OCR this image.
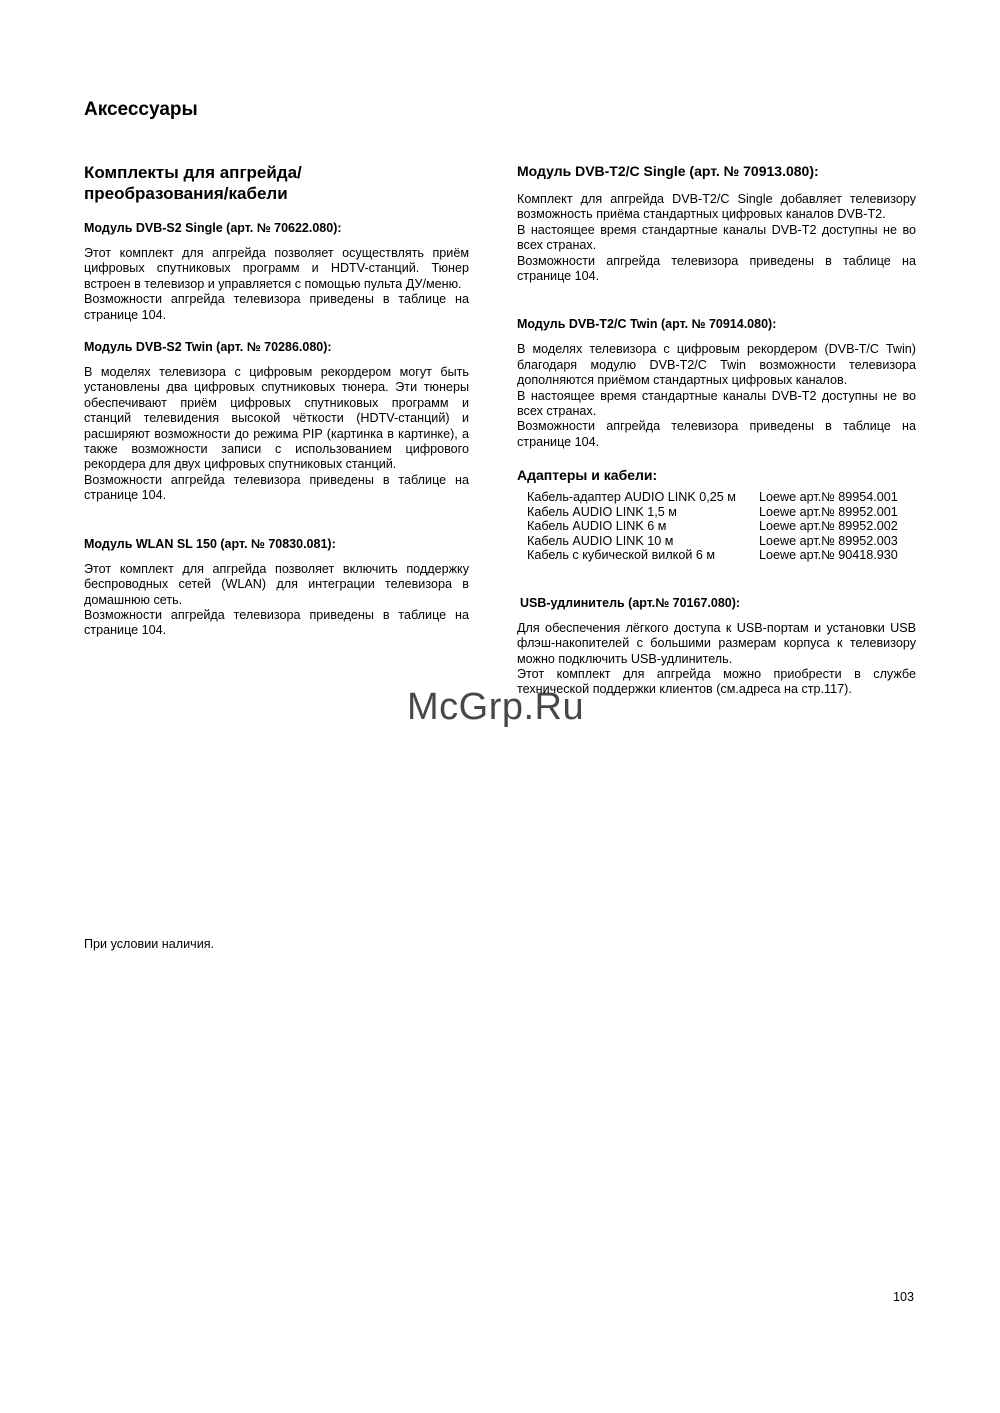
Аксессуары
Комплекты для апгрейда/
преобразования/кабели
Модуль DVB-S2 Single (арт. № 70622.080):

Этот комплект для апгрейда позволяет осуществлять приём цифровых спутниковых программ и HDTV-станций. Тюнер встроен в телевизор и управляется с помощью пульта ДУ/меню.
Возможности апгрейда телевизора приведены в таблице на странице 104.

Модуль DVB-S2 Twin (арт. № 70286.080):

В моделях телевизора с цифровым рекордером могут быть установлены два цифровых спутниковых тюнера. Эти тюнеры обеспечивают приём цифровых спутниковых программ и станций телевидения высокой чёткости (HDTV-станций) и расширяют возможности до режима PIP (картинка в картинке), а также возможности записи с использованием цифрового рекордера для двух цифровых спутниковых станций.
Возможности апгрейда телевизора приведены в таблице на странице 104.

Модуль WLAN SL 150 (арт. № 70830.081):

Этот комплект для апгрейда позволяет включить поддержку беспроводных сетей (WLAN) для интеграции телевизора в домашнюю сеть.
Возможности апгрейда телевизора приведены в таблице на странице 104.

Модуль DVB-T2/C Single (арт. № 70913.080):

Комплект для апгрейда DVB-T2/C Single добавляет телевизору возможность приёма стандартных цифровых каналов DVB-T2.
В настоящее время стандартные каналы DVB-T2 доступны не во всех странах.
Возможности апгрейда телевизора приведены в таблице на странице 104.

Модуль DVB-T2/C Twin (арт. № 70914.080):

В моделях телевизора с цифровым рекордером (DVB-T/C Twin) благодаря модулю DVB-T2/C Twin возможности телевизора дополняются приёмом стандартных цифровых каналов.
В настоящее время стандартные каналы DVB-T2 доступны не во всех странах.
Возможности апгрейда телевизора приведены в таблице на странице 104.

Адаптеры и кабели:
Кабель-адаптер AUDIO LINK 0,25 м	Loewe арт.№ 89954.001
Кабель AUDIO LINK 1,5 м	Loewe арт.№ 89952.001
Кабель AUDIO LINK 6 м	Loewe арт.№ 89952.002
Кабель AUDIO LINK 10 м	Loewe арт.№ 89952.003
Кабель с кубической вилкой 6 м	Loewe арт.№ 90418.930
USB-удлинитель (арт.№ 70167.080):

Для обеспечения лёгкого доступа к USB-портам и установки USB флэш-накопителей с большими размерам корпуса к телевизору можно подключить USB-удлинитель.
Этот комплект для апгрейда можно приобрести в службе технической поддержки клиентов (см.адреса на стр.117).

При условии наличия.
103
McGrp.Ru
